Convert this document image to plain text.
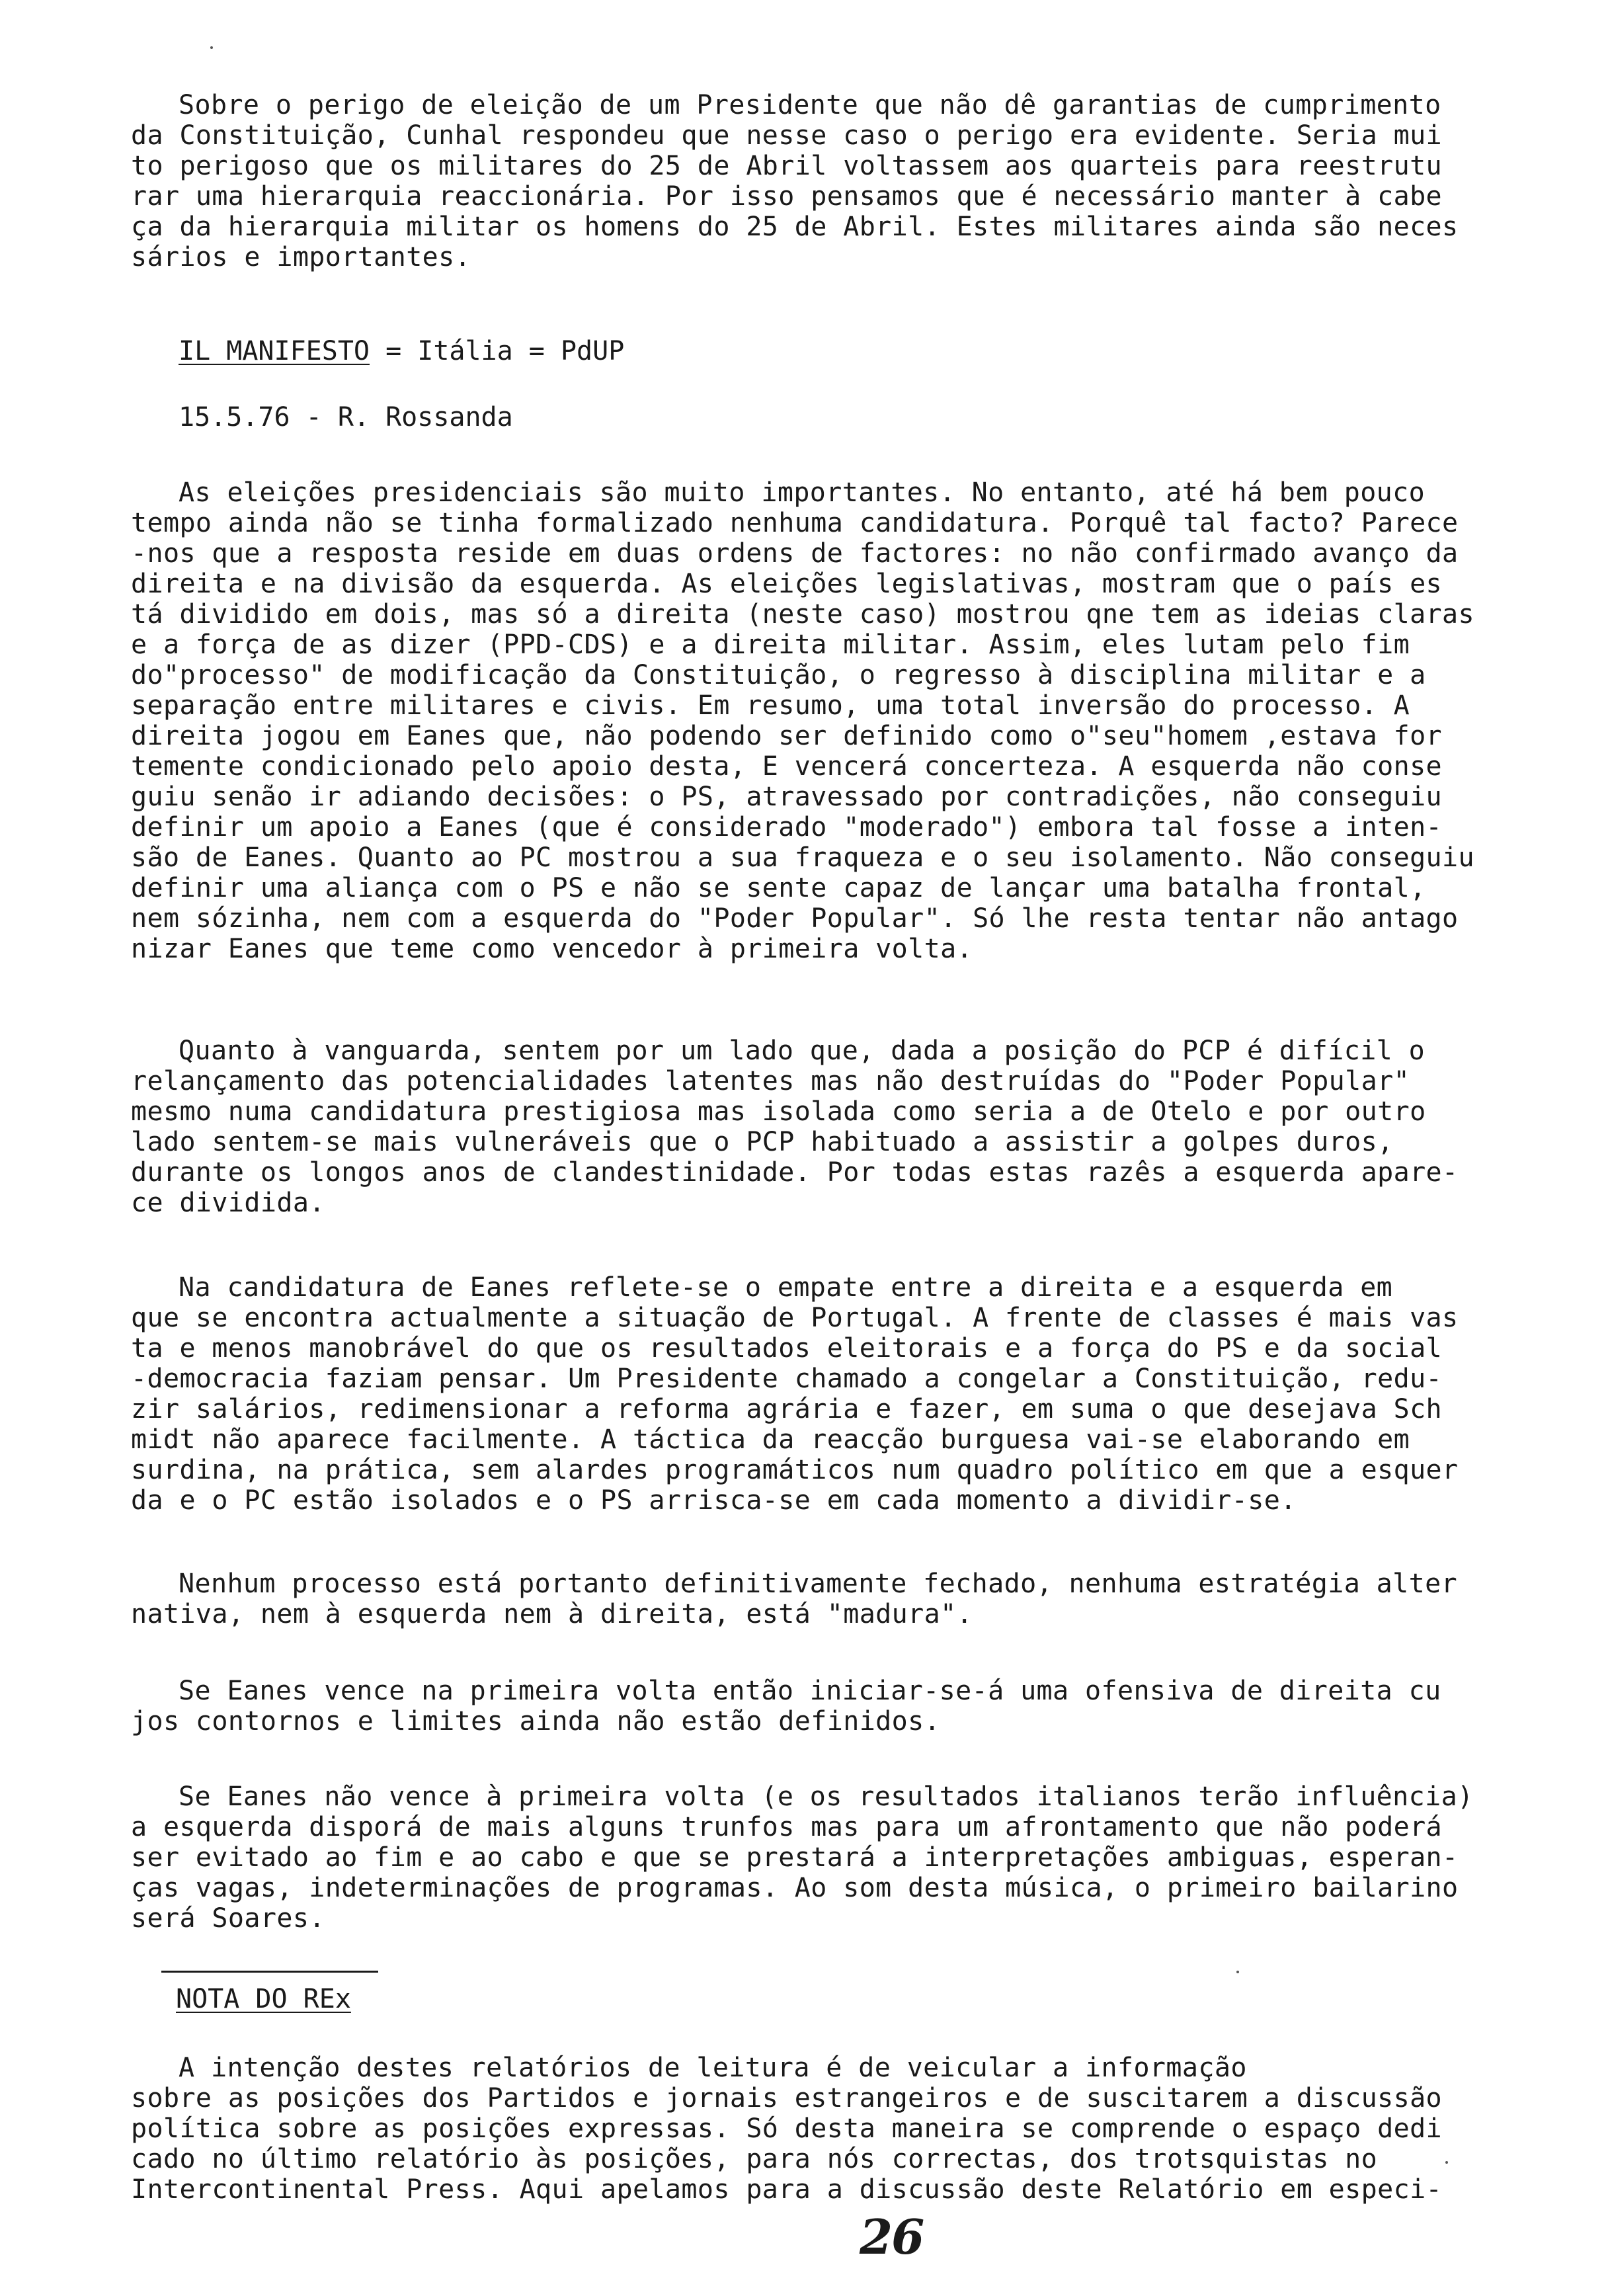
Sobre o perigo de eleição de um Presidente que não dê garantias de cumprimento
da Constituição, Cunhal respondeu que nesse caso o perigo era evidente. Seria mui
to perigoso que os militares do 25 de Abril voltassem aos quarteis para reestrutu
rar uma hierarquia reaccionária. Por isso pensamos que é necessário manter à cabe
ça da hierarquia militar os homens do 25 de Abril. Estes militares ainda são neces
sários e importantes.
IL MANIFESTO = Itália = PdUP
15.5.76 - R. Rossanda
As eleições presidenciais são muito importantes. No entanto, até há bem pouco
tempo ainda não se tinha formalizado nenhuma candidatura. Porquê tal facto? Parece
-nos que a resposta reside em duas ordens de factores: no não confirmado avanço da
direita e na divisão da esquerda. As eleições legislativas, mostram que o país es
tá dividido em dois, mas só a direita (neste caso) mostrou qne tem as ideias claras
e a força de as dizer (PPD-CDS) e a direita militar. Assim, eles lutam pelo fim
do"processo" de modificação da Constituição, o regresso à disciplina militar e a
separação entre militares e civis. Em resumo, uma total inversão do processo. A
direita jogou em Eanes que, não podendo ser definido como o"seu"homem ,estava for
temente condicionado pelo apoio desta, E vencerá concerteza. A esquerda não conse
guiu senão ir adiando decisões: o PS, atravessado por contradições, não conseguiu
definir um apoio a Eanes (que é considerado "moderado") embora tal fosse a inten-
são de Eanes. Quanto ao PC mostrou a sua fraqueza e o seu isolamento. Não conseguiu
definir uma aliança com o PS e não se sente capaz de lançar uma batalha frontal,
nem sózinha, nem com a esquerda do "Poder Popular". Só lhe resta tentar não antago
nizar Eanes que teme como vencedor à primeira volta.
Quanto à vanguarda, sentem por um lado que, dada a posição do PCP é difícil o
relançamento das potencialidades latentes mas não destruídas do "Poder Popular"
mesmo numa candidatura prestigiosa mas isolada como seria a de Otelo e por outro
lado sentem-se mais vulneráveis que o PCP habituado a assistir a golpes duros,
durante os longos anos de clandestinidade. Por todas estas razês a esquerda apare-
ce dividida.
Na candidatura de Eanes reflete-se o empate entre a direita e a esquerda em
que se encontra actualmente a situação de Portugal. A frente de classes é mais vas
ta e menos manobrável do que os resultados eleitorais e a força do PS e da social
-democracia faziam pensar. Um Presidente chamado a congelar a Constituição, redu-
zir salários, redimensionar a reforma agrária e fazer, em suma o que desejava Sch
midt não aparece facilmente. A táctica da reacção burguesa vai-se elaborando em
surdina, na prática, sem alardes programáticos num quadro político em que a esquer
da e o PC estão isolados e o PS arrisca-se em cada momento a dividir-se.
Nenhum processo está portanto definitivamente fechado, nenhuma estratégia alter
nativa, nem à esquerda nem à direita, está "madura".
Se Eanes vence na primeira volta então iniciar-se-á uma ofensiva de direita cu
jos contornos e limites ainda não estão definidos.
Se Eanes não vence à primeira volta (e os resultados italianos terão influência)
a esquerda disporá de mais alguns trunfos mas para um afrontamento que não poderá
ser evitado ao fim e ao cabo e que se prestará a interpretações ambiguas, esperan-
ças vagas, indeterminações de programas. Ao som desta música, o primeiro bailarino
será Soares.
NOTA DO REx
A intenção destes relatórios de leitura é de veicular a informação
sobre as posições dos Partidos e jornais estrangeiros e de suscitarem a discussão
política sobre as posições expressas. Só desta maneira se comprende o espaço dedi
cado no último relatório às posições, para nós correctas, dos trotsquistas no
Intercontinental Press. Aqui apelamos para a discussão deste Relatório em especi-
26
